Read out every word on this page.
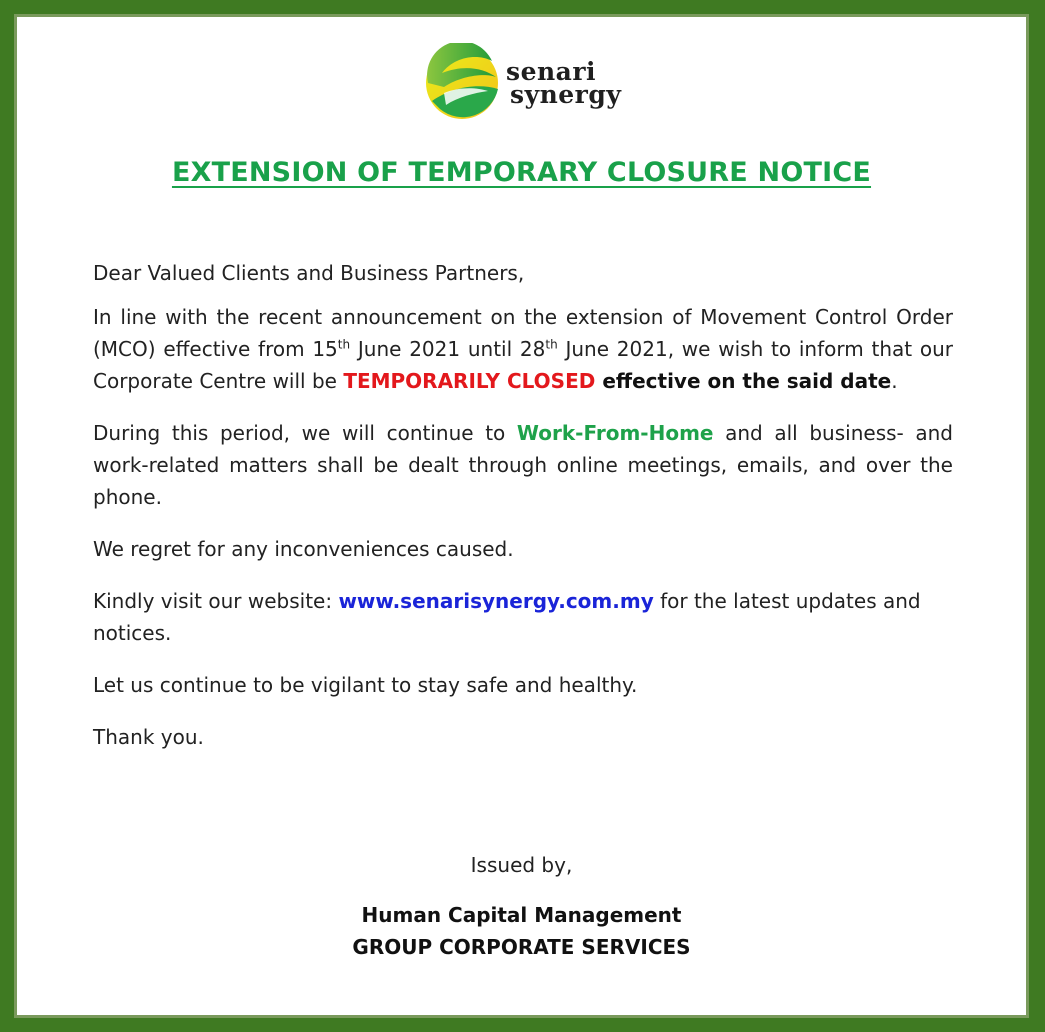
senari
synergy
EXTENSION OF TEMPORARY CLOSURE NOTICE

Dear Valued Clients and Business Partners,

In line with the recent announcement on the extension of Movement Control Order (MCO) effective from 15th June 2021 until 28th June 2021, we wish to inform that our Corporate Centre will be TEMPORARILY CLOSED effective on the said date.

During this period, we will continue to Work-From-Home and all business- and work-related matters shall be dealt through online meetings, emails, and over the phone.

We regret for any inconveniences caused.

Kindly visit our website: www.senarisynergy.com.my for the latest updates and notices.

Let us continue to be vigilant to stay safe and healthy.

Thank you.

Issued by,
Human Capital Management
GROUP CORPORATE SERVICES
